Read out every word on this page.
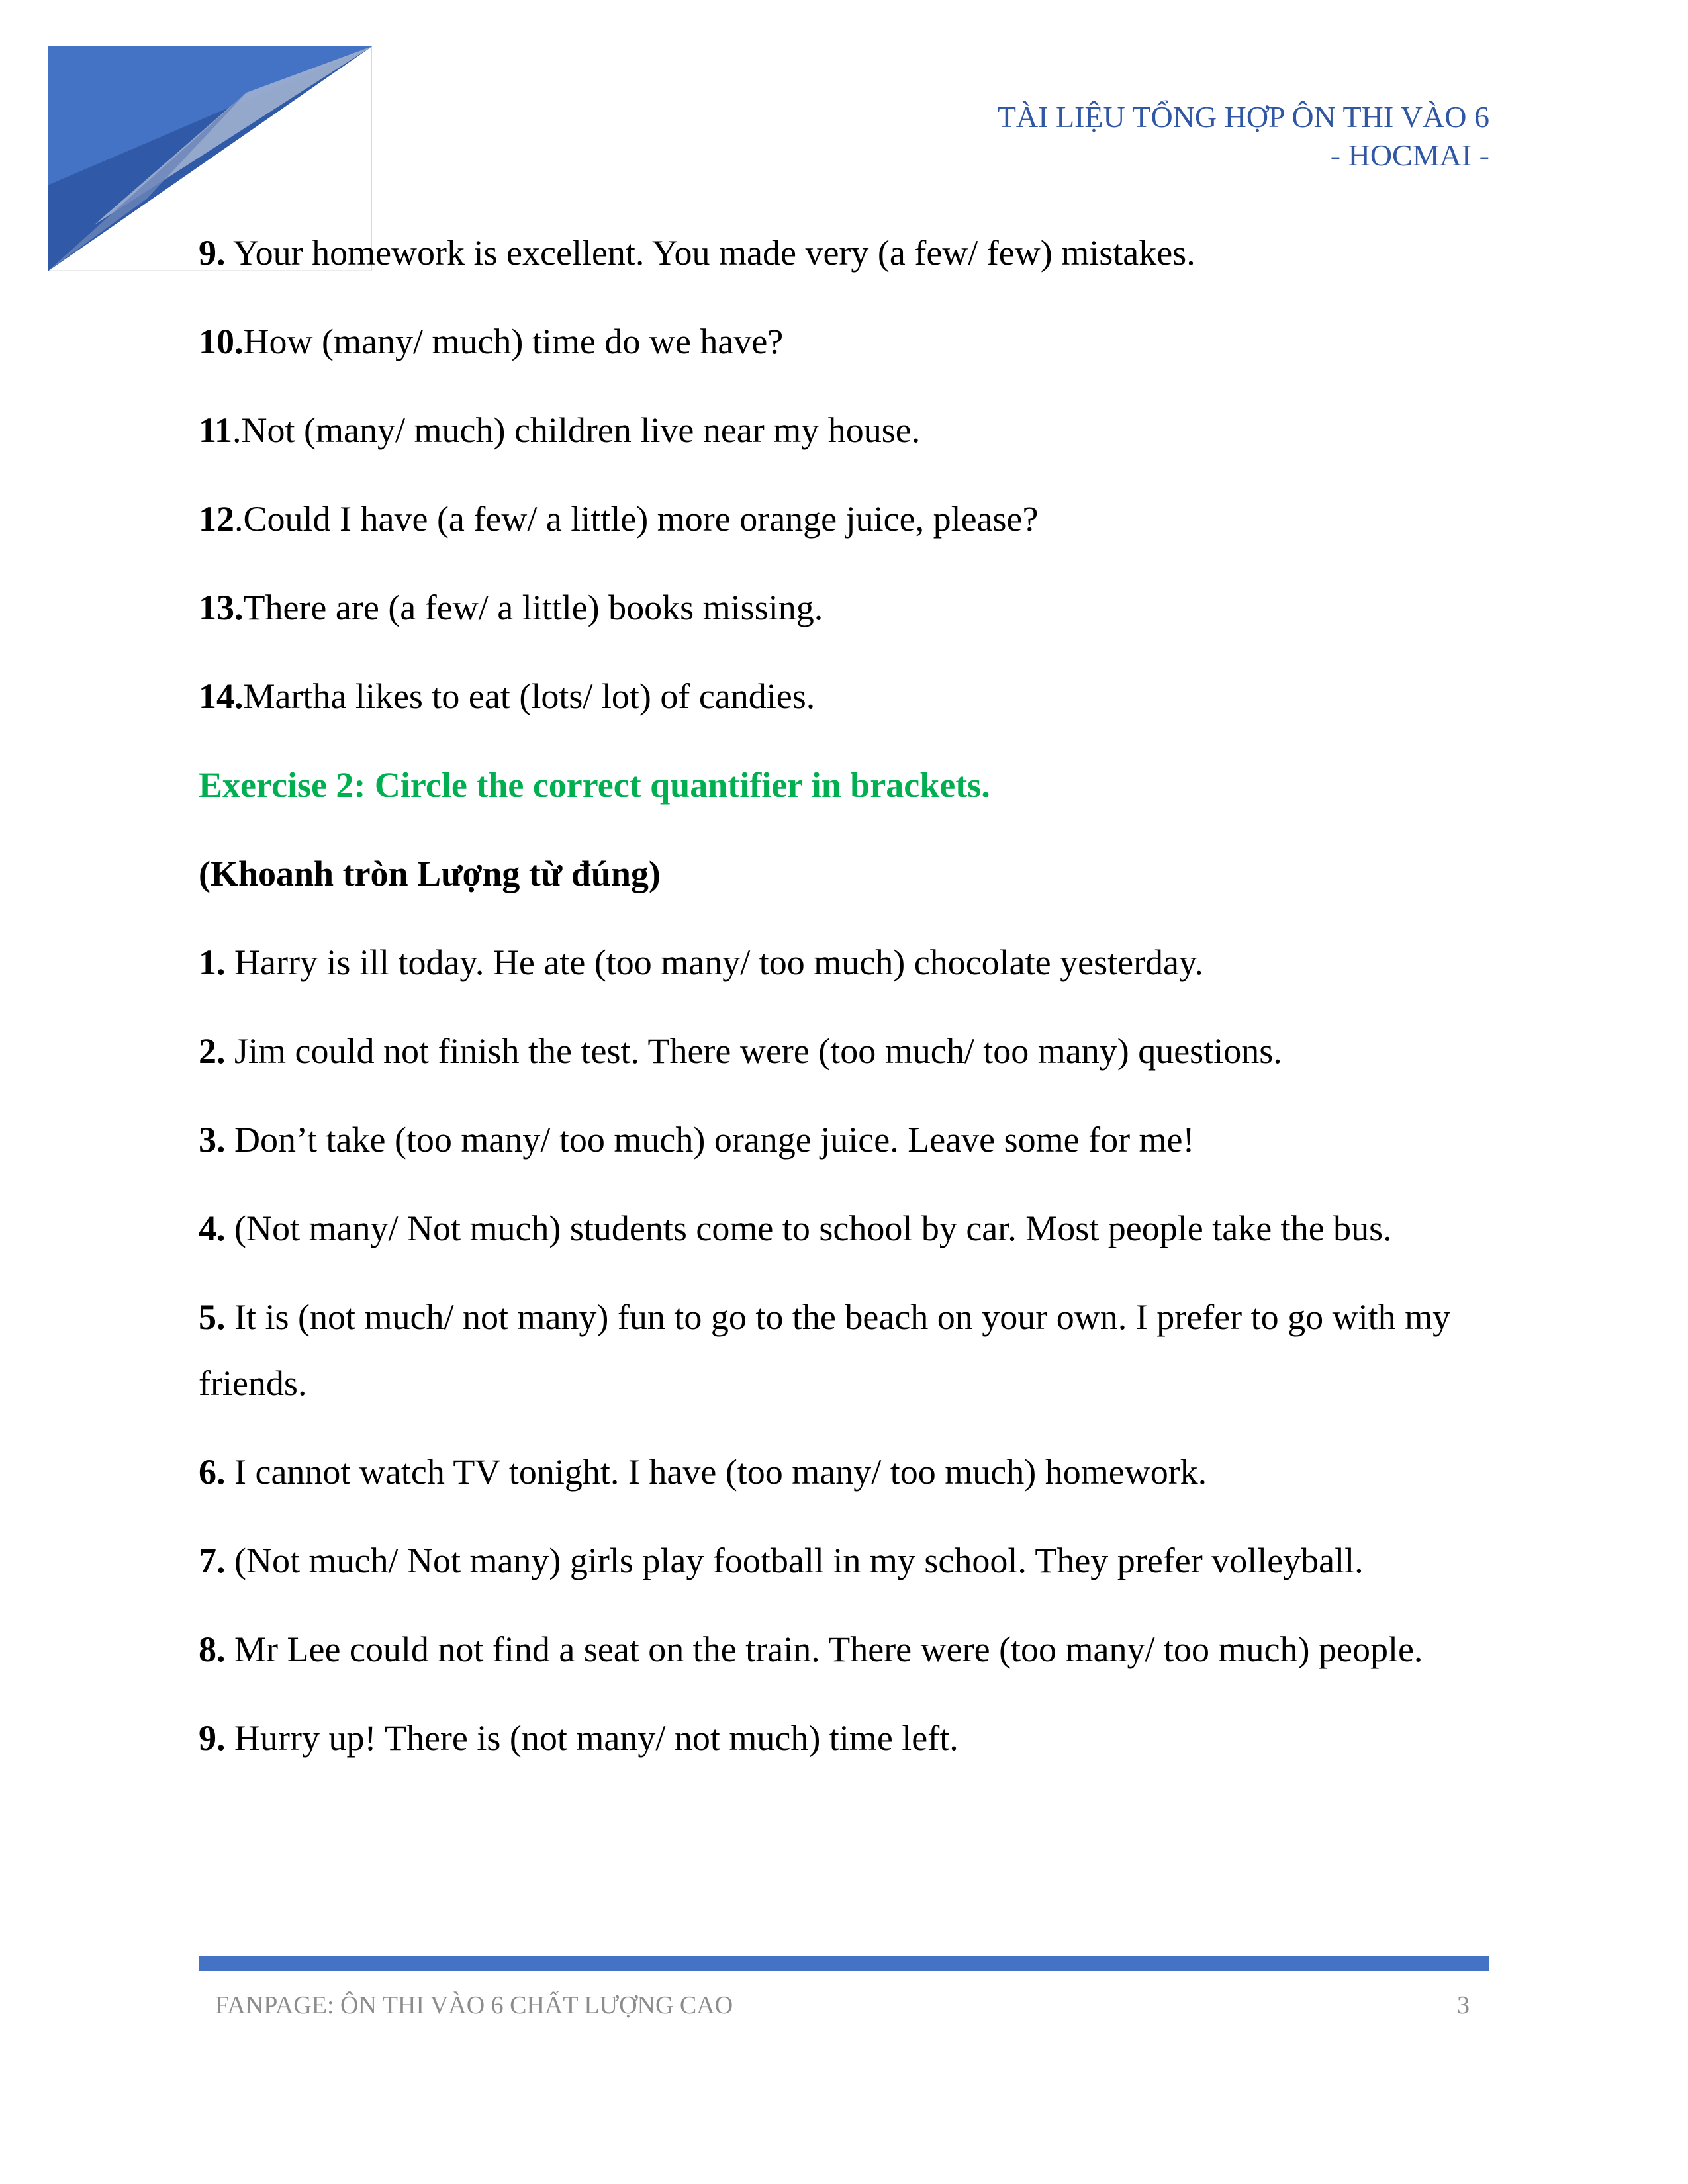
TÀI LIỆU TỔNG HỢP ÔN THI VÀO 6
- HOCMAI -
9. Your homework is excellent. You made very (a few/ few) mistakes.
10.How (many/ much) time do we have?
11.Not (many/ much) children live near my house.
12.Could I have (a few/ a little) more orange juice, please?
13.There are (a few/ a little) books missing.
14.Martha likes to eat (lots/ lot) of candies.
Exercise 2: Circle the correct quantifier in brackets.
(Khoanh tròn Lượng từ đúng)
1. Harry is ill today. He ate (too many/ too much) chocolate yesterday.
2. Jim could not finish the test. There were (too much/ too many) questions.
3. Don’t take (too many/ too much) orange juice. Leave some for me!
4. (Not many/ Not much) students come to school by car. Most people take the bus.
5. It is (not much/ not many) fun to go to the beach on your own. I prefer to go with my friends.
6. I cannot watch TV tonight. I have (too many/ too much) homework.
7. (Not much/ Not many) girls play football in my school. They prefer volleyball.
8. Mr Lee could not find a seat on the train. There were (too many/ too much) people.
9. Hurry up! There is (not many/ not much) time left.
FANPAGE: ÔN THI VÀO 6 CHẤT LƯỢNG CAO	3
